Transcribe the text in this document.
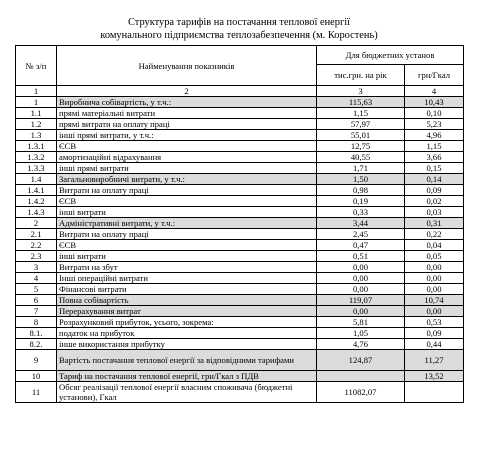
Структура тарифів на постачання теплової енергії
комунального підприємства теплозабезпечення (м. Коростень)
№ з/п	Найменування показників	Для бюджетних установ	
		тис.грн. на рік	грн/Гкал
1	2	3	4
1	Виробнича собівартість, у т.ч.:	115,63	10,43
1.1	прямі матеріальні витрати	1,15	0,10
1.2	прямі витрати на оплату праці	57,97	5,23
1.3	інші прямі витрати, у т.ч.:	55,01	4,96
1.3.1	ЄСВ	12,75	1,15
1.3.2	амортизаційні відрахування	40,55	3,66
1.3.3	інші прямі витрати	1,71	0,15
1.4	Загальновиробничі витрати, у т.ч.:	1,50	0,14
1.4.1	Витрати на оплату праці	0,98	0,09
1.4.2	ЄСВ	0,19	0,02
1.4.3	інші витрати	0,33	0,03
2	Адміністративні витрати, у т.ч.:	3,44	0,31
2.1	Витрати на оплату праці	2,45	0,22
2.2	ЄСВ	0,47	0,04
2.3	інші витрати	0,51	0,05
3	Витрати на збут	0,00	0,00
4	Інші операційні витрати	0,00	0,00
5	Фінансові витрати	0,00	0,00
6	Повна собівартість	119,07	10,74
7	Перерахування витрат	0,00	0,00
8	Розрахунковий прибуток, усього, зокрема:	5,81	0,53
8.1.	податок на прибуток	1,05	0,09
8.2.	інше використання прибутку	4,76	0,44
9	Вартість постачання теплової енергії за відповідними тарифами	124,87	11,27
10	Тариф на постачання теплової енергії, грн/Гкал з ПДВ		13,52
11	Обсяг реалізації теплової енергії власним споживача (бюджетні установи), Гкал	11082,07	
